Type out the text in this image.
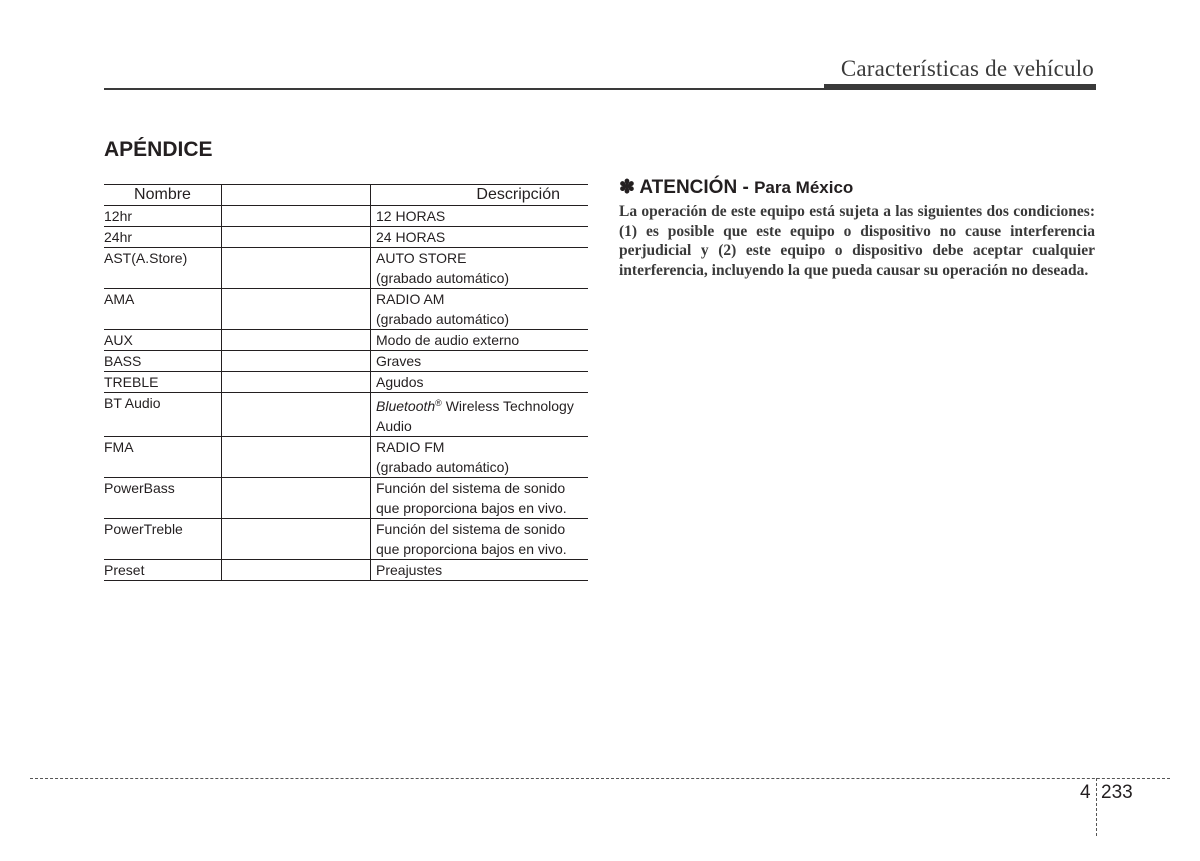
Características de vehículo
APÉNDICE
Nombre		Descripción
12hr		12 HORAS

24hr		24 HORAS

AST(A.Store)		AUTO STORE
(grabado automático)

AMA		RADIO AM
(grabado automático)

AUX		Modo de audio externo

BASS		Graves

TREBLE		Agudos

BT Audio		Bluetooth® Wireless Technology
Audio

FMA		RADIO FM
(grabado automático)

PowerBass		Función del sistema de sonido
que proporciona bajos en vivo.

PowerTreble		Función del sistema de sonido
que proporciona bajos en vivo.

Preset		Preajustes
✽ ATENCIÓN - Para México
La operación de este equipo está sujeta a las siguientes dos condiciones: (1) es posible que este equipo o dispositivo no cause interferencia perjudicial y (2) este equipo o dispositivo debe aceptar cualquier interferencia, incluyendo la que pueda causar su operación no deseada.
4 233
